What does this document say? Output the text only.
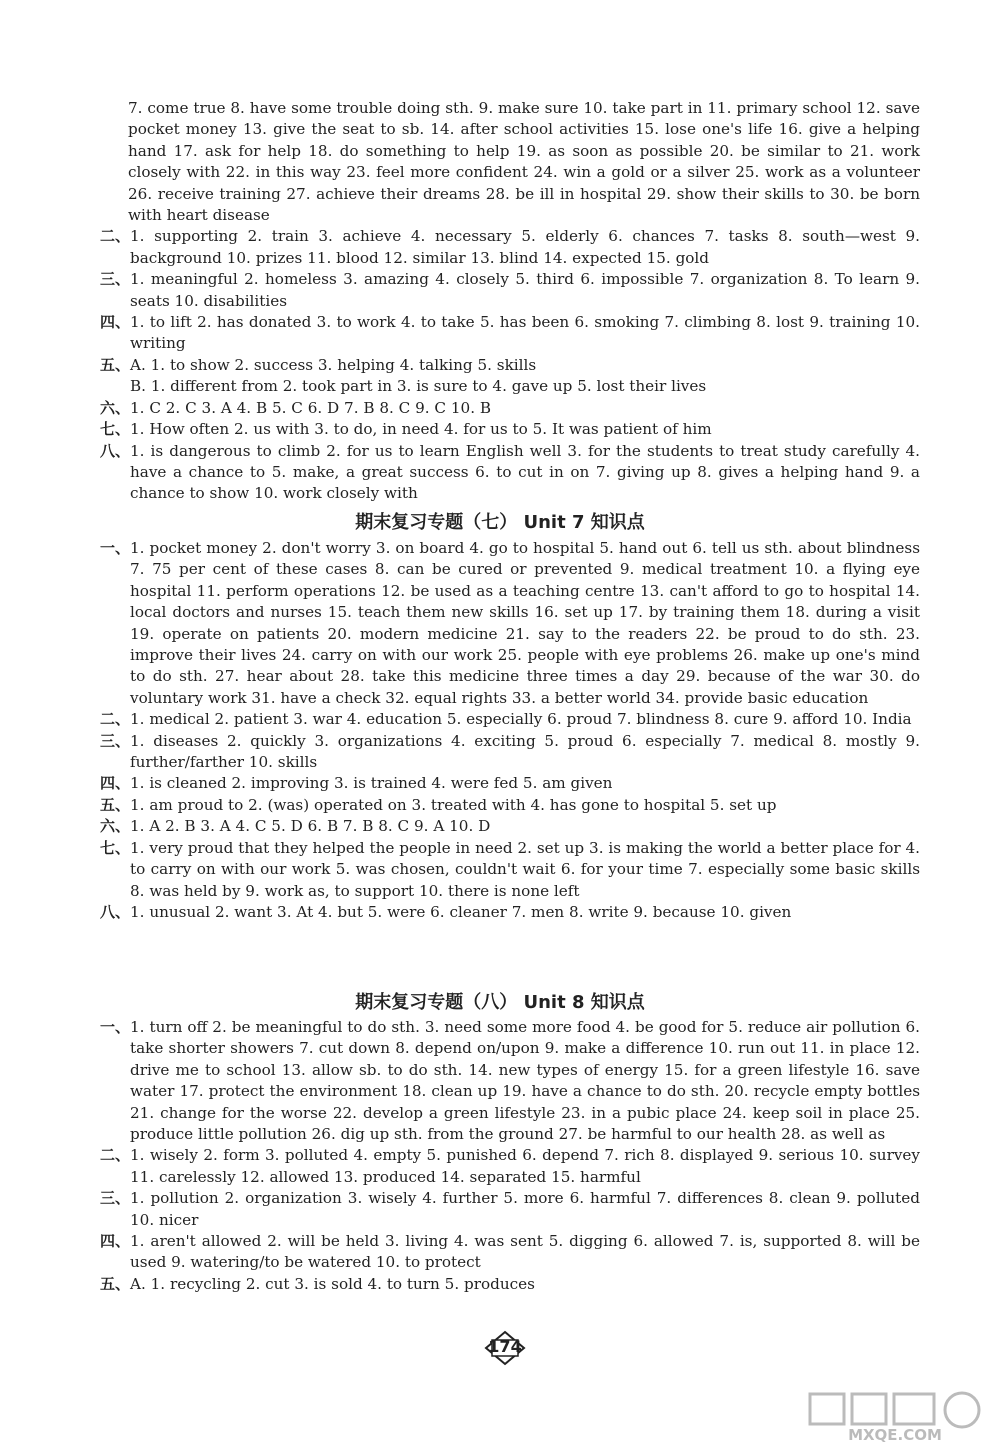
7. come true 8. have some trouble doing sth. 9. make sure 10. take part in 11. primary school 12. save pocket money 13. give the seat to sb. 14. after school activities 15. lose one's life 16. give a helping hand 17. ask for help 18. do something to help 19. as soon as possible 20. be similar to 21. work closely with 22. in this way 23. feel more confident 24. win a gold or a silver 25. work as a volunteer 26. receive training 27. achieve their dreams 28. be ill in hospital 29. show their skills to 30. be born with heart disease
二、 1. supporting 2. train 3. achieve 4. necessary 5. elderly 6. chances 7. tasks 8. south—west 9. background 10. prizes 11. blood 12. similar 13. blind 14. expected 15. gold
三、 1. meaningful 2. homeless 3. amazing 4. closely 5. third 6. impossible 7. organization 8. To learn 9. seats 10. disabilities
四、 1. to lift 2. has donated 3. to work 4. to take 5. has been 6. smoking 7. climbing 8. lost 9. training 10. writing
五、 A. 1. to show 2. success 3. helping 4. talking 5. skills
B. 1. different from 2. took part in 3. is sure to 4. gave up 5. lost their lives
六、 1. C 2. C 3. A 4. B 5. C 6. D 7. B 8. C 9. C 10. B
七、 1. How often 2. us with 3. to do, in need 4. for us to 5. It was patient of him
八、 1. is dangerous to climb 2. for us to learn English well 3. for the students to treat study carefully 4. have a chance to 5. make, a great success 6. to cut in on 7. giving up 8. gives a helping hand 9. a chance to show 10. work closely with
期末复习专题（七） Unit 7 知识点
一、 1. pocket money 2. don't worry 3. on board 4. go to hospital 5. hand out 6. tell us sth. about blindness 7. 75 per cent of these cases 8. can be cured or prevented 9. medical treatment 10. a flying eye hospital 11. perform operations 12. be used as a teaching centre 13. can't afford to go to hospital 14. local doctors and nurses 15. teach them new skills 16. set up 17. by training them 18. during a visit 19. operate on patients 20. modern medicine 21. say to the readers 22. be proud to do sth. 23. improve their lives 24. carry on with our work 25. people with eye problems 26. make up one's mind to do sth. 27. hear about 28. take this medicine three times a day 29. because of the war 30. do voluntary work 31. have a check 32. equal rights 33. a better world 34. provide basic education
二、 1. medical 2. patient 3. war 4. education 5. especially 6. proud 7. blindness 8. cure 9. afford 10. India
三、 1. diseases 2. quickly 3. organizations 4. exciting 5. proud 6. especially 7. medical 8. mostly 9. further/farther 10. skills
四、 1. is cleaned 2. improving 3. is trained 4. were fed 5. am given
五、 1. am proud to 2. (was) operated on 3. treated with 4. has gone to hospital 5. set up
六、 1. A 2. B 3. A 4. C 5. D 6. B 7. B 8. C 9. A 10. D
七、 1. very proud that they helped the people in need 2. set up 3. is making the world a better place for 4. to carry on with our work 5. was chosen, couldn't wait 6. for your time 7. especially some basic skills 8. was held by 9. work as, to support 10. there is none left
八、 1. unusual 2. want 3. At 4. but 5. were 6. cleaner 7. men 8. write 9. because 10. given
期末复习专题（八） Unit 8 知识点
一、 1. turn off 2. be meaningful to do sth. 3. need some more food 4. be good for 5. reduce air pollution 6. take shorter showers 7. cut down 8. depend on/upon 9. make a difference 10. run out 11. in place 12. drive me to school 13. allow sb. to do sth. 14. new types of energy 15. for a green lifestyle 16. save water 17. protect the environment 18. clean up 19. have a chance to do sth. 20. recycle empty bottles 21. change for the worse 22. develop a green lifestyle 23. in a pubic place 24. keep soil in place 25. produce little pollution 26. dig up sth. from the ground 27. be harmful to our health 28. as well as
二、 1. wisely 2. form 3. polluted 4. empty 5. punished 6. depend 7. rich 8. displayed 9. serious 10. survey 11. carelessly 12. allowed 13. produced 14. separated 15. harmful
三、 1. pollution 2. organization 3. wisely 4. further 5. more 6. harmful 7. differences 8. clean 9. polluted 10. nicer
四、 1. aren't allowed 2. will be held 3. living 4. was sent 5. digging 6. allowed 7. is, supported 8. will be used 9. watering/to be watered 10. to protect
五、 A. 1. recycling 2. cut 3. is sold 4. to turn 5. produces
174
MXQE.COM
